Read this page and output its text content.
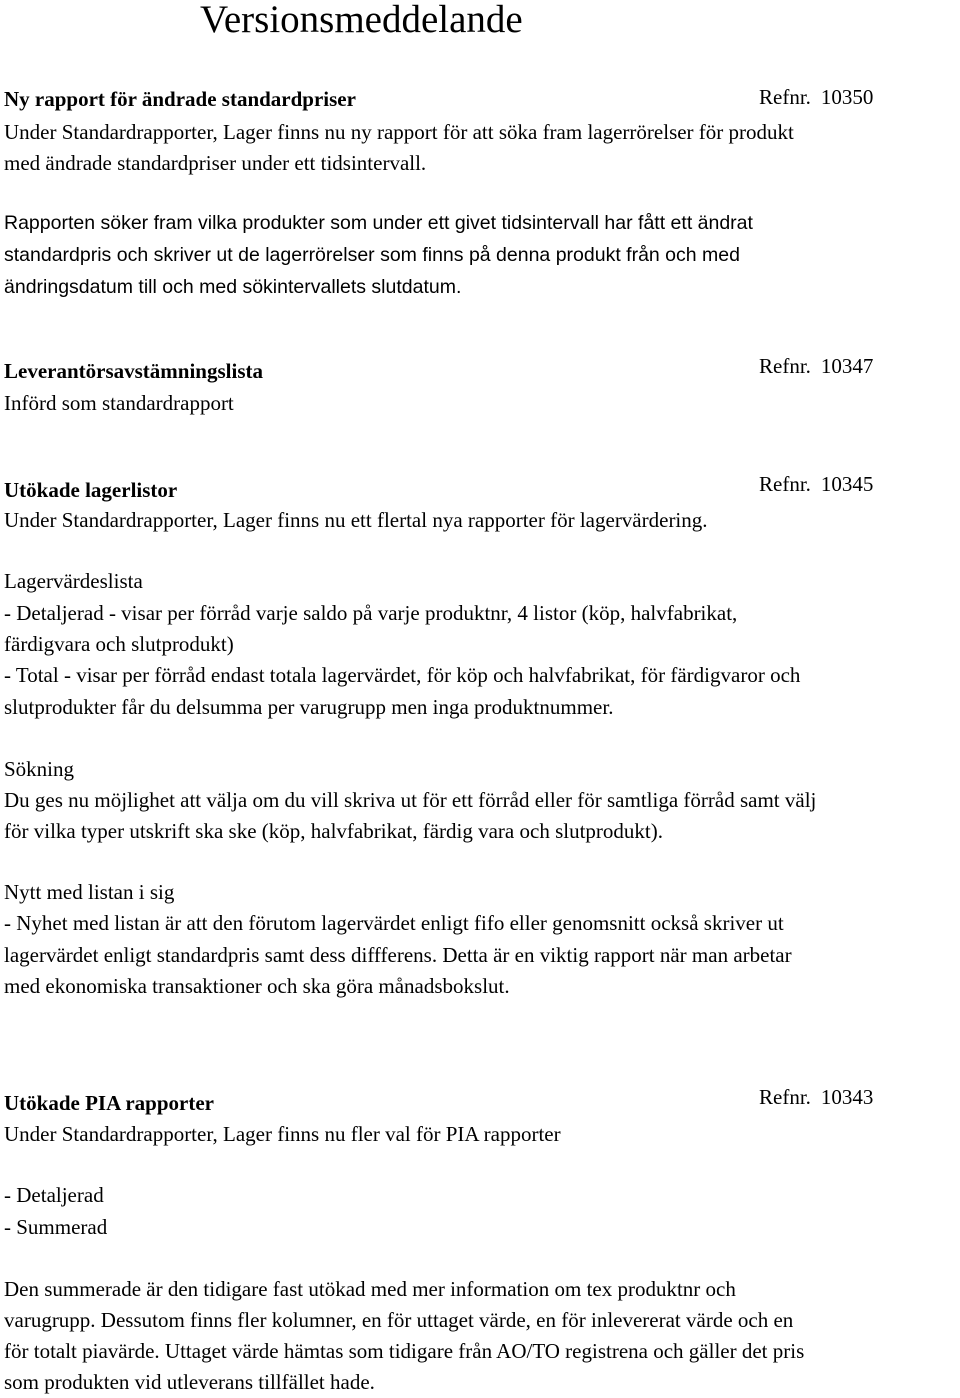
Versionsmeddelande
Ny rapport för ändrade standardpriser	Refnr. 10350

Under Standardrapporter, Lager finns nu ny rapport för att söka fram lagerrörelser för produkt

med ändrade standardpriser under ett tidsintervall.

Rapporten söker fram vilka produkter som under ett givet tidsintervall har fått ett ändrat

standardpris och skriver ut de lagerrörelser som finns på denna produkt från och med

ändringsdatum till och med sökintervallets slutdatum.

Leverantörsavstämningslista	Refnr. 10347

Införd som standardrapport

Utökade lagerlistor	Refnr. 10345

Under Standardrapporter, Lager finns nu ett flertal nya rapporter för lagervärdering.

Lagervärdeslista

- Detaljerad - visar per förråd varje saldo på varje produktnr, 4 listor (köp, halvfabrikat,

färdigvara och slutprodukt)

- Total - visar per förråd endast totala lagervärdet, för köp och halvfabrikat, för färdigvaror och

slutprodukter får du delsumma per varugrupp men inga produktnummer.

Sökning

Du ges nu möjlighet att välja om du vill skriva ut för ett förråd eller för samtliga förråd samt välj

för vilka typer utskrift ska ske (köp, halvfabrikat, färdig vara och slutprodukt).

Nytt med listan i sig

- Nyhet med listan är att den förutom lagervärdet enligt fifo eller genomsnitt också skriver ut

lagervärdet enligt standardpris samt dess diffferens. Detta är en viktig rapport när man arbetar

med ekonomiska transaktioner och ska göra månadsbokslut.

Utökade PIA rapporter	Refnr. 10343

Under Standardrapporter, Lager finns nu fler val för PIA rapporter

- Detaljerad

- Summerad

Den summerade är den tidigare fast utökad med mer information om tex produktnr och

varugrupp. Dessutom finns fler kolumner, en för uttaget värde, en för inlevererat värde och en

för totalt piavärde. Uttaget värde hämtas som tidigare från AO/TO registrena och gäller det pris

som produkten vid utleverans tillfället hade.
